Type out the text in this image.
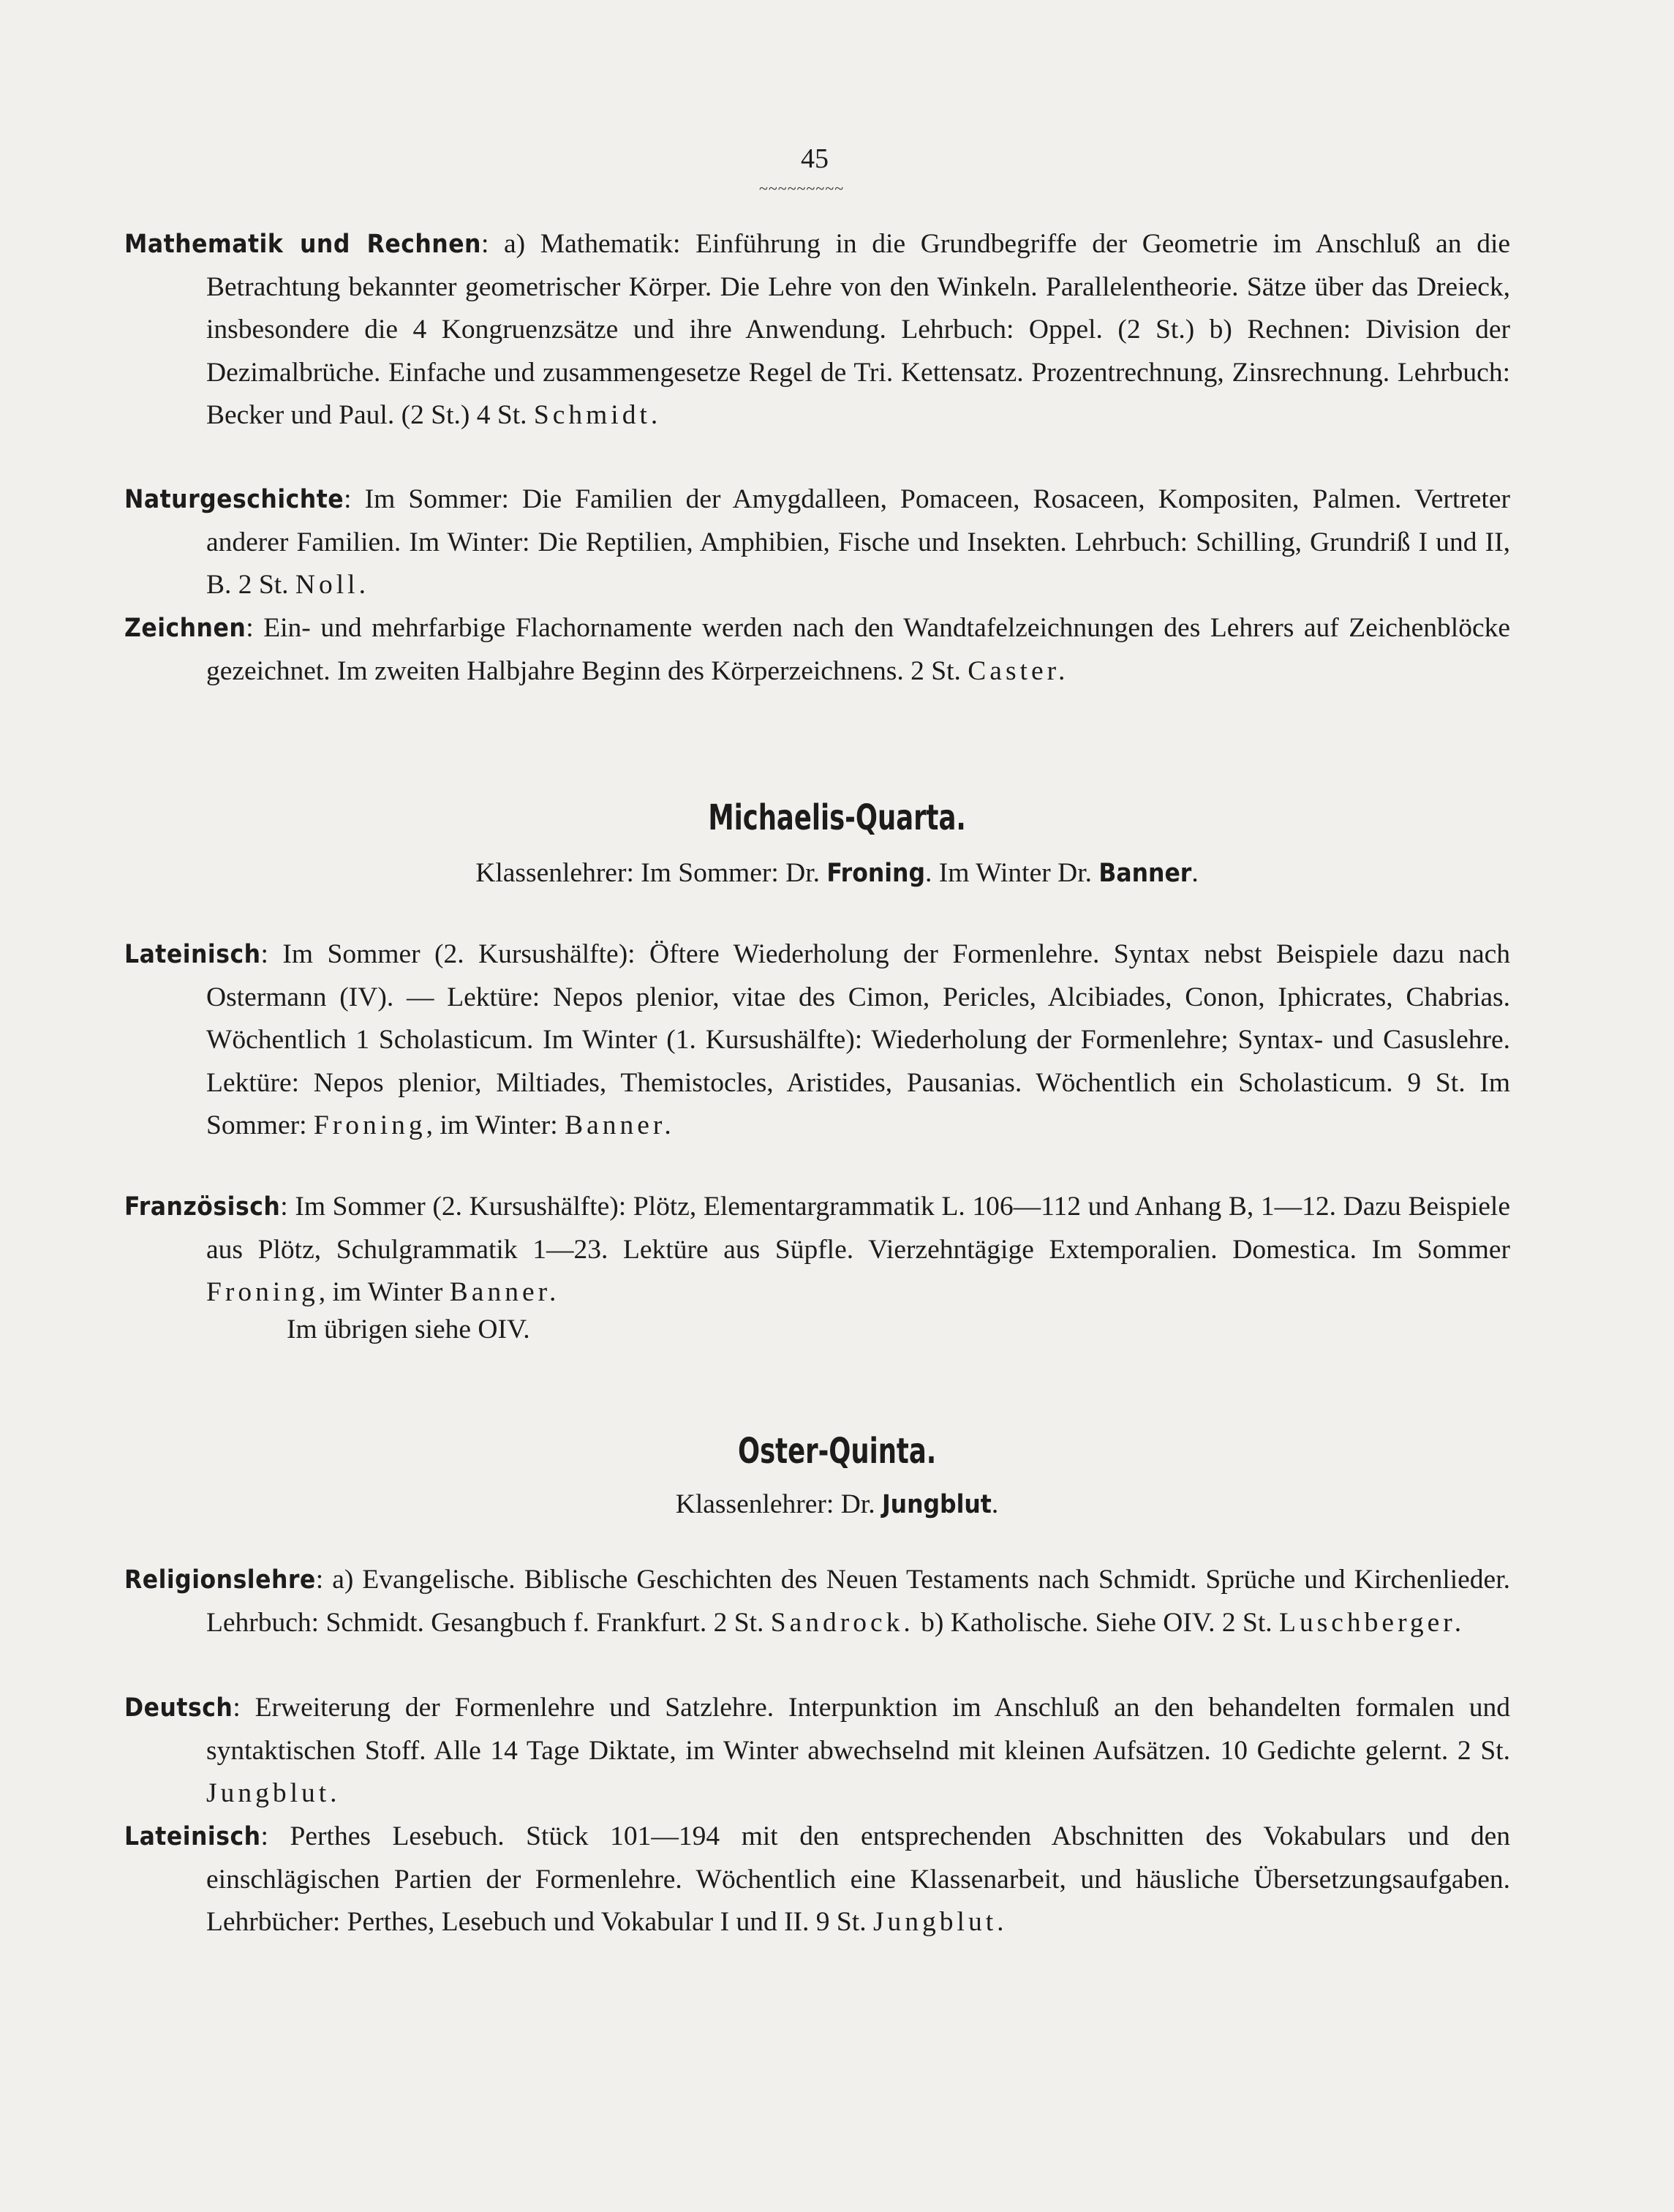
45
~~~~~~~~~
Mathematik und Rechnen: a) Mathematik: Einführung in die Grundbegriffe der Geometrie im Anschluß an die Betrachtung bekannter geometrischer Körper. Die Lehre von den Winkeln. Parallelentheorie. Sätze über das Dreieck, insbesondere die 4 Kongruenzsätze und ihre Anwendung. Lehrbuch: Oppel. (2 St.) b) Rechnen: Division der Dezimalbrüche. Einfache und zusammengesetze Regel de Tri. Kettensatz. Prozentrechnung, Zinsrechnung. Lehrbuch: Becker und Paul. (2 St.) 4 St. Schmidt.
Naturgeschichte: Im Sommer: Die Familien der Amygdalleen, Pomaceen, Rosaceen, Kompositen, Palmen. Vertreter anderer Familien. Im Winter: Die Reptilien, Amphibien, Fische und Insekten. Lehrbuch: Schilling, Grundriß I und II, B. 2 St. Noll.
Zeichnen: Ein- und mehrfarbige Flachornamente werden nach den Wandtafelzeichnungen des Lehrers auf Zeichenblöcke gezeichnet. Im zweiten Halbjahre Beginn des Körperzeichnens. 2 St. Caster.
Michaelis-Quarta.
Klassenlehrer: Im Sommer: Dr. Froning. Im Winter Dr. Banner.
Lateinisch: Im Sommer (2. Kursushälfte): Öftere Wiederholung der Formenlehre. Syntax nebst Beispiele dazu nach Ostermann (IV). — Lektüre: Nepos plenior, vitae des Cimon, Pericles, Alcibiades, Conon, Iphicrates, Chabrias. Wöchentlich 1 Scholasticum. Im Winter (1. Kursushälfte): Wiederholung der Formenlehre; Syntax- und Casuslehre. Lektüre: Nepos plenior, Miltiades, Themistocles, Aristides, Pausanias. Wöchentlich ein Scholasticum. 9 St. Im Sommer: Froning, im Winter: Banner.
Französisch: Im Sommer (2. Kursushälfte): Plötz, Elementargrammatik L. 106—112 und Anhang B, 1—12. Dazu Beispiele aus Plötz, Schulgrammatik 1—23. Lektüre aus Süpfle. Vierzehntägige Extemporalien. Domestica. Im Sommer Froning, im Winter Banner.
Im übrigen siehe OIV.
Oster-Quinta.
Klassenlehrer: Dr. Jungblut.
Religionslehre: a) Evangelische. Biblische Geschichten des Neuen Testaments nach Schmidt. Sprüche und Kirchenlieder. Lehrbuch: Schmidt. Gesangbuch f. Frankfurt. 2 St. Sandrock. b) Katholische. Siehe OIV. 2 St. Luschberger.
Deutsch: Erweiterung der Formenlehre und Satzlehre. Interpunktion im Anschluß an den behandelten formalen und syntaktischen Stoff. Alle 14 Tage Diktate, im Winter abwechselnd mit kleinen Aufsätzen. 10 Gedichte gelernt. 2 St. Jungblut.
Lateinisch: Perthes Lesebuch. Stück 101—194 mit den entsprechenden Abschnitten des Vokabulars und den einschlägischen Partien der Formenlehre. Wöchentlich eine Klassenarbeit, und häusliche Übersetzungsaufgaben. Lehrbücher: Perthes, Lesebuch und Vokabular I und II. 9 St. Jungblut.
